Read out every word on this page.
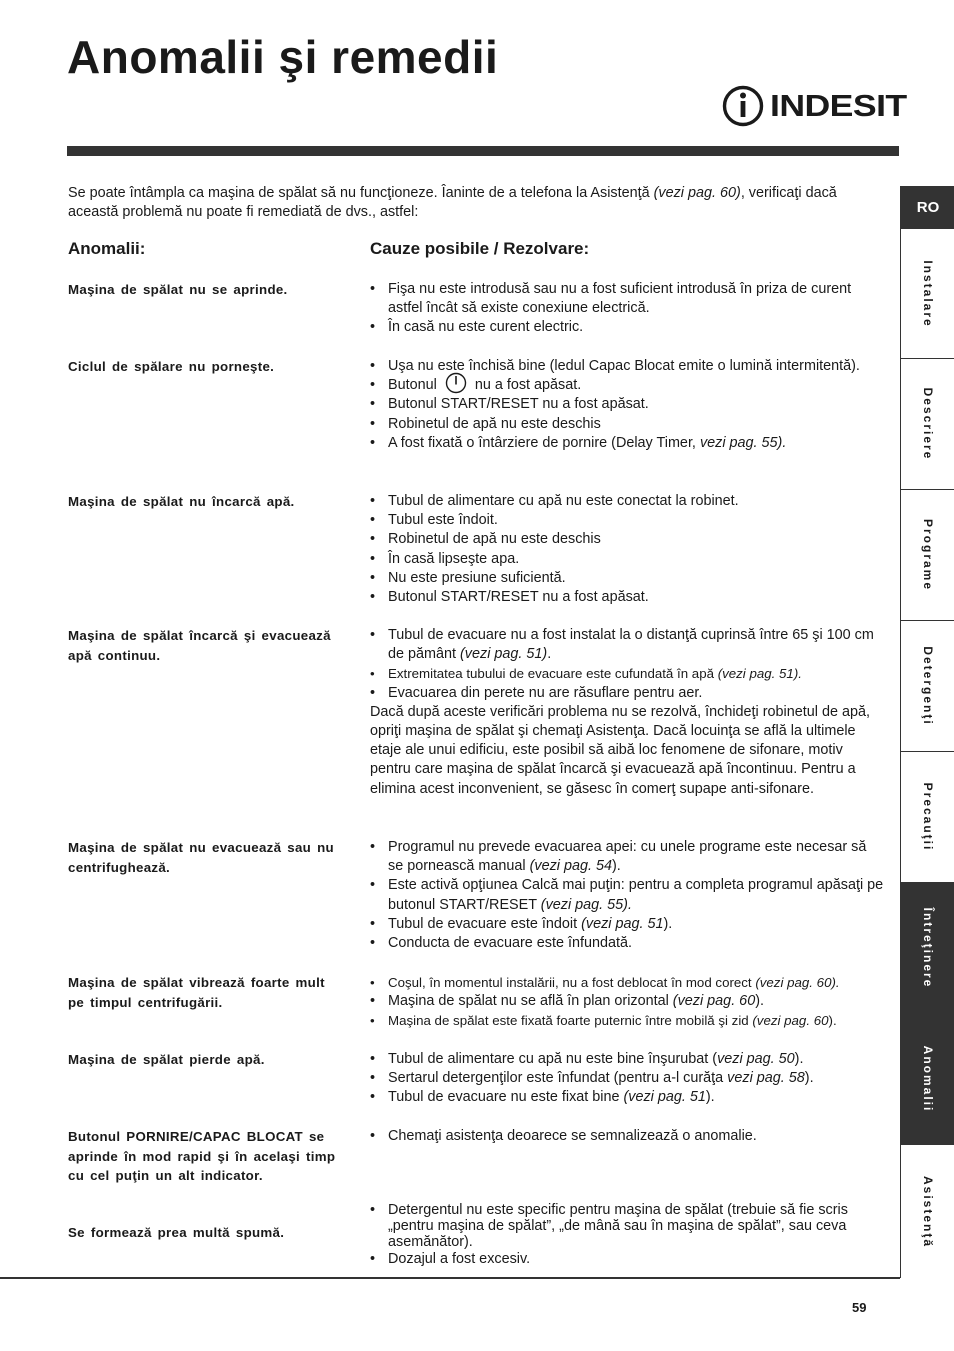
Anomalii şi remedii
INDESIT
Se poate întâmpla ca maşina de spălat să nu funcţioneze. Îaninte de a telefona la Asistenţă (vezi pag. 60), verificaţi dacă această problemă nu poate fi remediată de dvs., astfel:
Anomalii:	Cauze posibile / Rezolvare:
Maşina de spălat nu se aprinde.	• Fişa nu este introdusă sau nu a fost suficient introdusă în priza de curent astfel încât să existe conexiune electrică.
• În casă nu este curent electric.
Ciclul de spălare nu porneşte.	• Uşa nu este închisă bine (ledul Capac Blocat emite o lumină intermitentă).
• Butonul	nu a fost apăsat.
• Butonul START/RESET nu a fost apăsat.
• Robinetul de apă nu este deschis
• A fost fixată o întârziere de pornire (Delay Timer, vezi pag. 55).
Maşina de spălat nu încarcă apă.	• Tubul de alimentare cu apă nu este conectat la robinet.
• Tubul este îndoit.
• Robinetul de apă nu este deschis
• În casă lipseşte apa.
• Nu este presiune suficientă.
• Butonul START/RESET nu a fost apăsat.
Maşina de spălat încarcă şi evacuează apă continuu.
• Tubul de evacuare nu a fost instalat la o distanţă cuprinsă între 65 şi 100 cm de pământ (vezi pag. 51).
• Extremitatea tubului de evacuare este cufundată în apă (vezi pag. 51).
• Evacuarea din perete nu are răsuflare pentru aer.

Dacă după aceste verificări problema nu se rezolvă, închideţi robinetul de apă, opriţi maşina de spălat şi chemaţi Asistenţa. Dacă locuinţa se află la ultimele etaje ale unui edificiu, este posibil să aibă loc fenomene de sifonare, motiv pentru care maşina de spălat încarcă şi evacuează apă încontinuu. Pentru a elimina acest inconvenient, se găsesc în comerţ supape anti-sifonare.

Maşina de spălat nu evacuează sau nu centrifughează.
• Programul nu prevede evacuarea apei: cu unele programe este necesar să se pornească manual (vezi pag. 54).
• Este activă opţiunea Calcă mai puţin: pentru a completa programul apăsaţi pe butonul START/RESET (vezi pag. 55).
• Tubul de evacuare este îndoit (vezi pag. 51).
• Conducta de evacuare este înfundată.
Maşina de spălat vibrează foarte mult pe timpul centrifugării.
• Coşul, în momentul instalării, nu a fost deblocat în mod corect (vezi pag. 60).
• Maşina de spălat nu se află în plan orizontal (vezi pag. 60).
• Maşina de spălat este fixată foarte puternic între mobilă şi zid (vezi pag. 60).
Maşina de spălat pierde apă.	• Tubul de alimentare cu apă nu este bine înşurubat (vezi pag. 50).
• Sertarul detergenţilor este înfundat (pentru a-l curăţa vezi pag. 58).
• Tubul de evacuare nu este fixat bine (vezi pag. 51).
Butonul PORNIRE/CAPAC BLOCAT se aprinde în mod rapid şi în acelaşi timp cu cel puţin un alt indicator.
• Chemaţi asistenţa deoarece se semnalizează o anomalie.
Se formează prea multă spumă.
• Detergentul nu este specific pentru maşina de spălat (trebuie să fie scris „pentru maşina de spălat”, „de mână sau în maşina de spălat”, sau ceva asemănător).
• Dozajul a fost excesiv.
59
RO
Instalare
Descriere
Programe
Detergenţi
Precauţii
Întreţinere
Anomalii
Asistenţă
